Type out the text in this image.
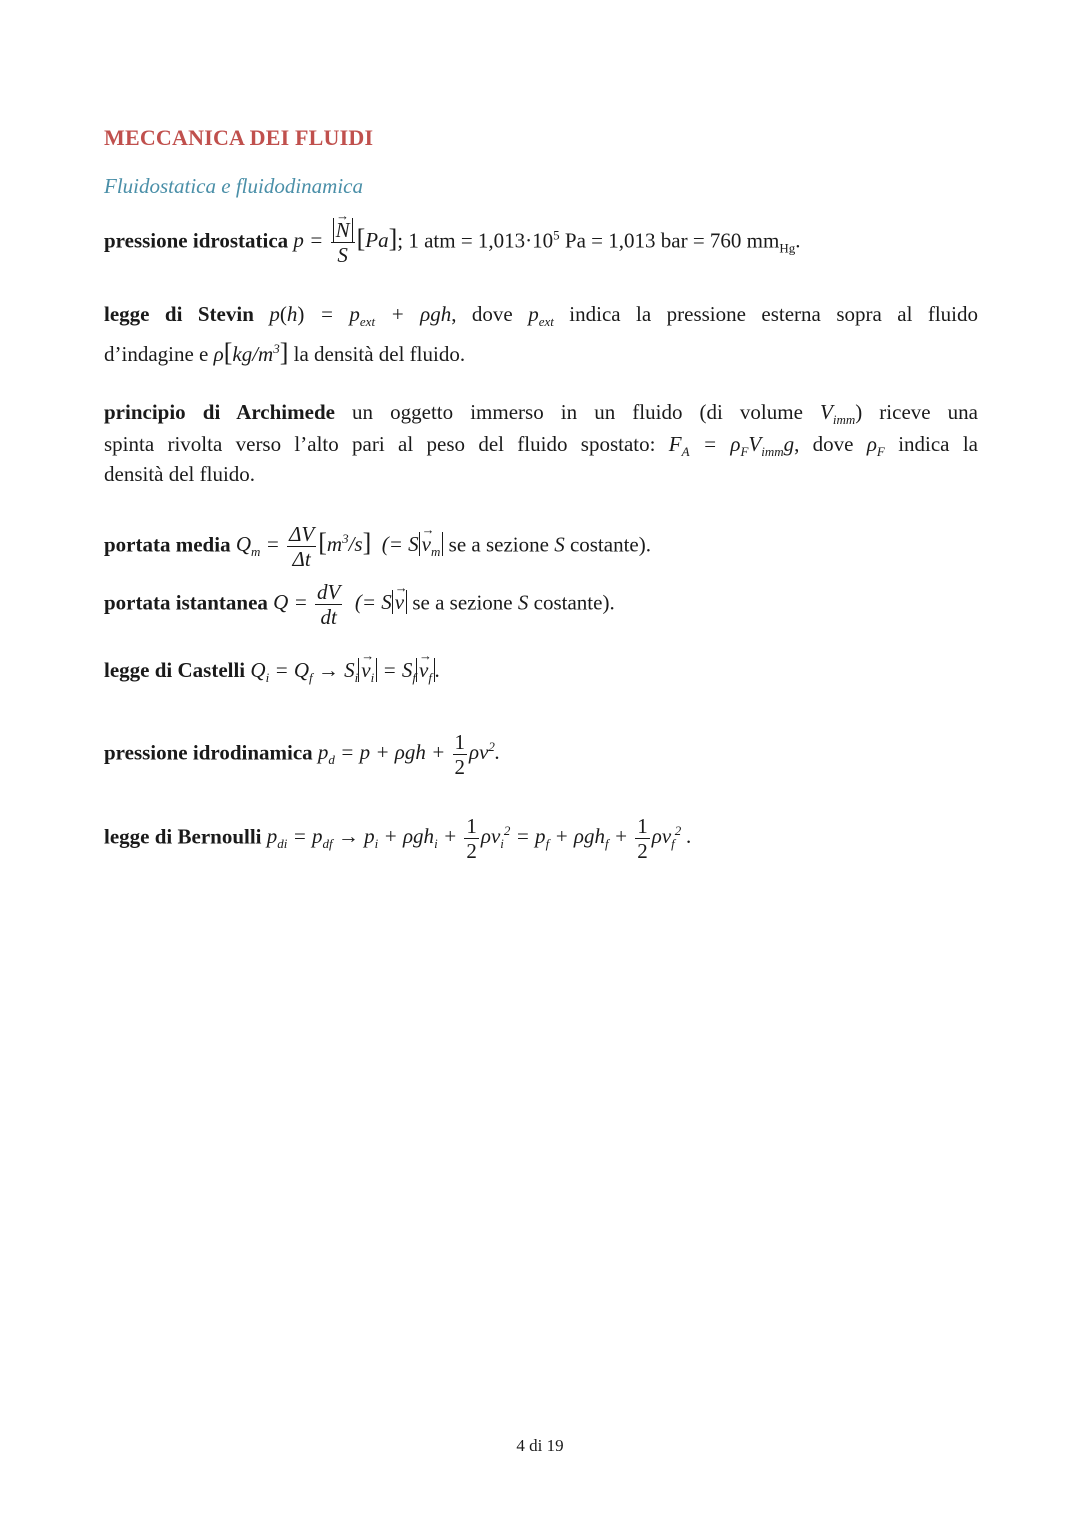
MECCANICA DEI FLUIDI
Fluidostatica e fluidodinamica
pressione idrostatica p = → $\frac{N}{S} [Pa]$; 1 atm = $1,013\cdot 10^5$ Pa = 1,013 bar = 760 $mm_{Hg}$.
legge di Stevin $p(h) = p_{ext} + \rho gh$, dove $p_{ext}$ indica la pressione esterna sopra al fluido
d’indagine e $\rho[kg/m^3]$ la densità del fluido.
principio di Archimede un oggetto immerso in un fluido (di volume $V_{imm}$) riceve una
spinta rivolta verso l’alto pari al peso del fluido spostato: $F_A = \rho_FV_{imm}g$, dove $\rho_F$ indica la
densità del fluido.
portata media $Q_m = \frac{\Delta V}{\Delta t} [m^3/s]$  (= $S \to v_m$ se a sezione S costante).
portata istantanea $Q = \frac{dV}{dt}$ (= S → v se a sezione S costante).
legge di Castelli $Q_i = Q_f \to S_i \to v_i = S_f \to v_f$ .
pressione idrodinamica $p_d = p + \rho gh + \frac{1}{2} \rho v^2$.
legge di Bernoulli $p_{di} = p_{df} \to p_i + \rho gh_i + \frac{1}{2} \rho v_i^2 = p_f + \rho gh_f + \frac{1}{2} \rho v_f^2$ .
4 di 19
